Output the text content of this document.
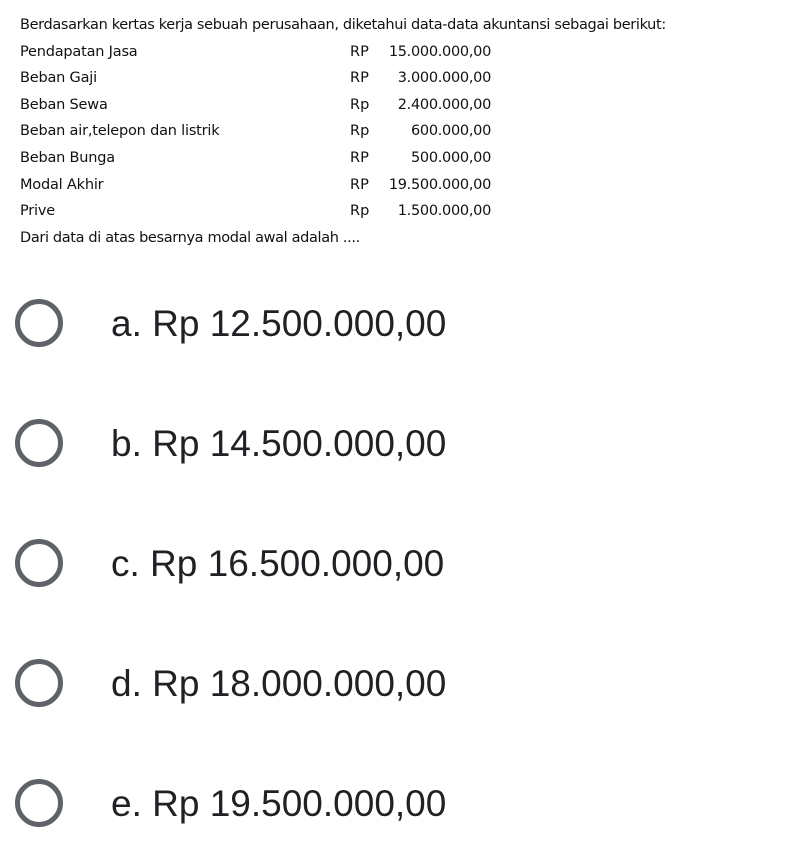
Berdasarkan kertas kerja sebuah perusahaan, diketahui data-data akuntansi sebagai berikut:
Pendapatan Jasa	RP 15.000.000,00
Beban Gaji	RP 3.000.000,00
Beban Sewa	Rp 2.400.000,00
Beban air,telepon dan listrik	Rp	600.000,00
Beban Bunga	RP	500.000,00
Modal Akhir	RP 19.500.000,00
Prive	Rp 1.500.000,00
Dari data di atas besarnya modal awal adalah ....
a. Rp 12.500.000,00
b. Rp 14.500.000,00
c. Rp 16.500.000,00
d. Rp 18.000.000,00
e. Rp 19.500.000,00
